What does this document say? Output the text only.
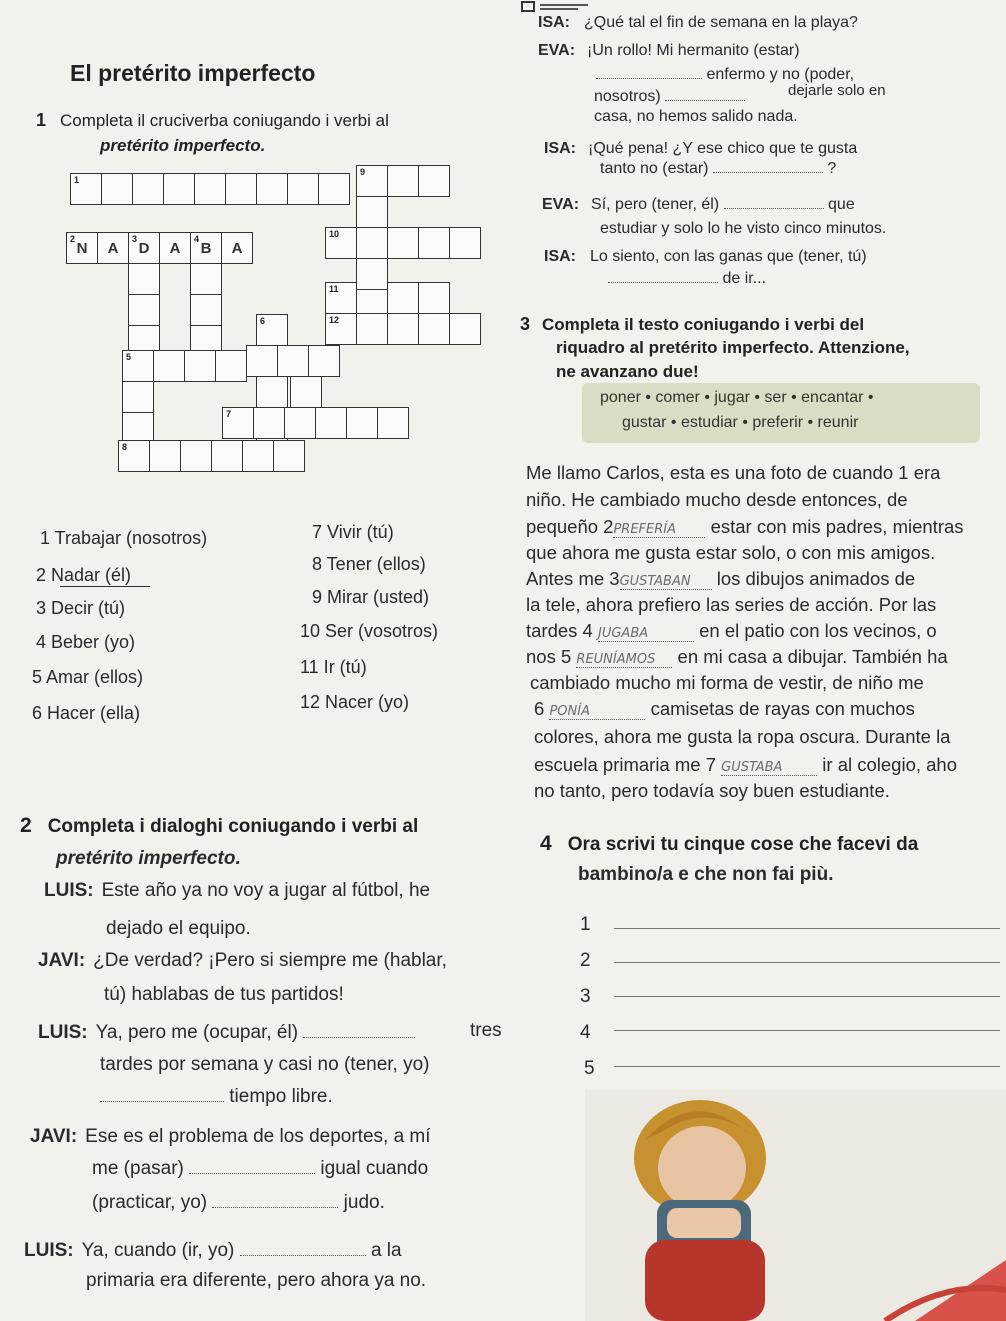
El pretérito imperfecto
1 Completa il cruciverba coniugando i verbi al
pretérito imperfecto.
1
9
10
2
N	A
3
D	A
4
B	A
11
6	12
5
7
8
1 Trabajar (nosotros)
2 Nadar (él)
3 Decir (tú)
4 Beber (yo)
5 Amar (ellos)
6 Hacer (ella)
7 Vivir (tú)
8 Tener (ellos)
9 Mirar (usted)
10 Ser (vosotros)
11 Ir (tú)
12 Nacer (yo)
ISA: ¿Qué tal el fin de semana en la playa?
EVA: ¡Un rollo! Mi hermanito (estar)
enfermo y no (poder,
nosotros)	dejarle solo en
casa, no hemos salido nada.
ISA: ¡Qué pena! ¿Y ese chico que te gusta
tanto no (estar)	?
EVA: Sí, pero (tener, él)	que
estudiar y solo lo he visto cinco minutos.
ISA: Lo siento, con las ganas que (tener, tú)
de ir...
3 Completa il testo coniugando i verbi del
riquadro al pretérito imperfecto. Attenzione,
ne avanzano due!
poner • comer • jugar • ser • encantar •
gustar • estudiar • preferir • reunir
Me llamo Carlos, esta es una foto de cuando 1 era
niño. He cambiado mucho desde entonces, de
pequeño 2PREFERÍA estar con mis padres, mientras
que ahora me gusta estar solo, o con mis amigos.
Antes me 3GUSTABAN los dibujos animados de
la tele, ahora prefiero las series de acción. Por las
tardes 4 JUGABA	en el patio con los vecinos, o
nos 5 REUNÍAMOS en mi casa a dibujar. También ha
cambiado mucho mi forma de vestir, de niño me
6 PONÍA	camisetas de rayas con muchos
colores, ahora me gusta la ropa oscura. Durante la
escuela primaria me 7 GUSTABA ir al colegio, aho
no tanto, pero todavía soy buen estudiante.
2 Completa i dialoghi coniugando i verbi al
pretérito imperfecto.
LUIS: Este año ya no voy a jugar al fútbol, he
dejado el equipo.
JAVI: ¿De verdad? ¡Pero si siempre me (hablar,
tú) hablabas de tus partidos!
LUIS: Ya, pero me (ocupar, él)	tres
tardes por semana y casi no (tener, yo)
tiempo libre.
JAVI: Ese es el problema de los deportes, a mí
me (pasar)	igual cuando
(practicar, yo)	judo.
LUIS: Ya, cuando (ir, yo)	a la
primaria era diferente, pero ahora ya no.
4 Ora scrivi tu cinque cose che facevi da
bambino/a e che non fai più.
1
2
3
4
5
